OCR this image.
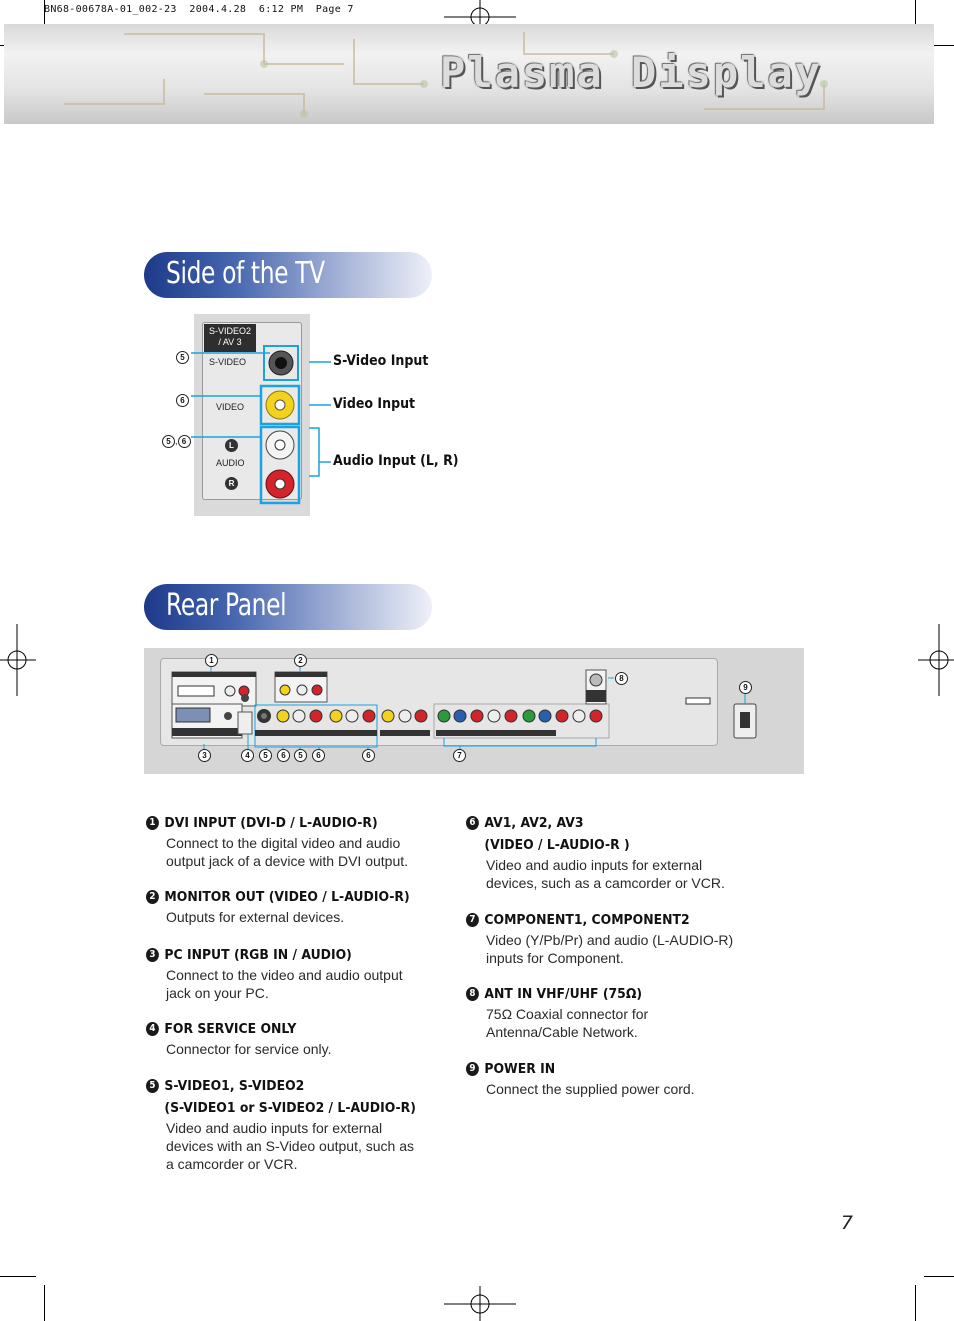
BN68-00678A-01_002-23  2004.4.28  6:12 PM  Page 7
Plasma Display
Side of the TV
S-VIDEO2
/ AV 3
S-VIDEO
VIDEO
AUDIO
L
R
5
6
5 , 6
S-Video Input
Video Input
Audio Input (L, R)
Rear Panel
1	2
8
9
3	4	5	6	5	6	6	7
1 DVI INPUT (DVI-D / L-AUDIO-R)
Connect to the digital video and audio output jack of a device with DVI output.
2 MONITOR OUT (VIDEO / L-AUDIO-R)
Outputs for external devices.
3 PC INPUT (RGB IN / AUDIO)
Connect to the video and audio output jack on your PC.
4 FOR SERVICE ONLY
Connector for service only.
5 S-VIDEO1, S-VIDEO2
(S-VIDEO1 or S-VIDEO2 / L-AUDIO-R)
Video and audio inputs for external devices with an S-Video output, such as a camcorder or VCR.
6 AV1, AV2, AV3
(VIDEO / L-AUDIO-R )
Video and audio inputs for external devices, such as a camcorder or VCR.
7 COMPONENT1, COMPONENT2
Video (Y/Pb/Pr) and audio (L-AUDIO-R) inputs for Component.
8 ANT IN VHF/UHF (75Ω)
75Ω Coaxial connector for Antenna/Cable Network.
9 POWER IN
Connect the supplied power cord.
7
